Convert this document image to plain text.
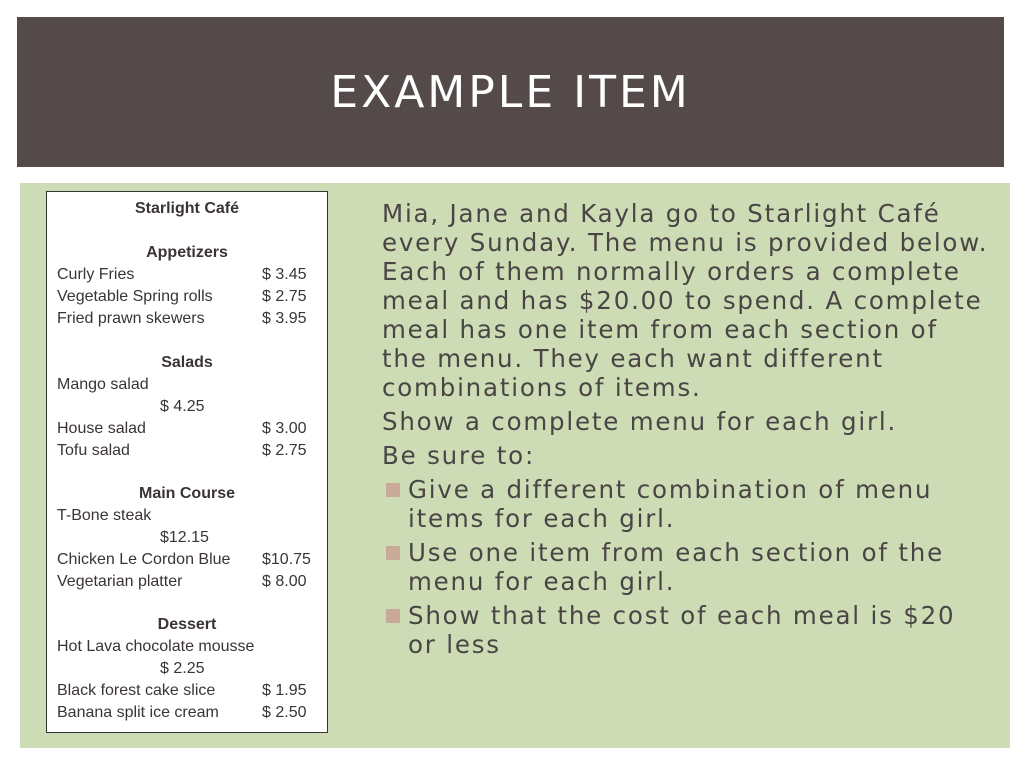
EXAMPLE ITEM
Starlight Café
Appetizers
Curly Fries	$ 3.45
Vegetable Spring rolls	$ 2.75
Fried prawn skewers	$ 3.95
Salads
Mango salad
$ 4.25
House salad	$ 3.00
Tofu salad	$ 2.75
Main Course
T-Bone steak
$12.15
Chicken Le Cordon Blue $10.75
Vegetarian platter	$ 8.00
Dessert
Hot Lava chocolate mousse
$ 2.25
Black forest cake slice	$ 1.95
Banana split ice cream	$ 2.50

Mia, Jane and Kayla go to Starlight Café every Sunday. The menu is provided below. Each of them normally orders a complete meal and has $20.00 to spend. A complete meal has one item from each section of the menu. They each want different combinations of items.

Show a complete menu for each girl.

Be sure to:

Give a different combination of menu items for each girl.
Use one item from each section of the menu for each girl.
Show that the cost of each meal is $20 or less
